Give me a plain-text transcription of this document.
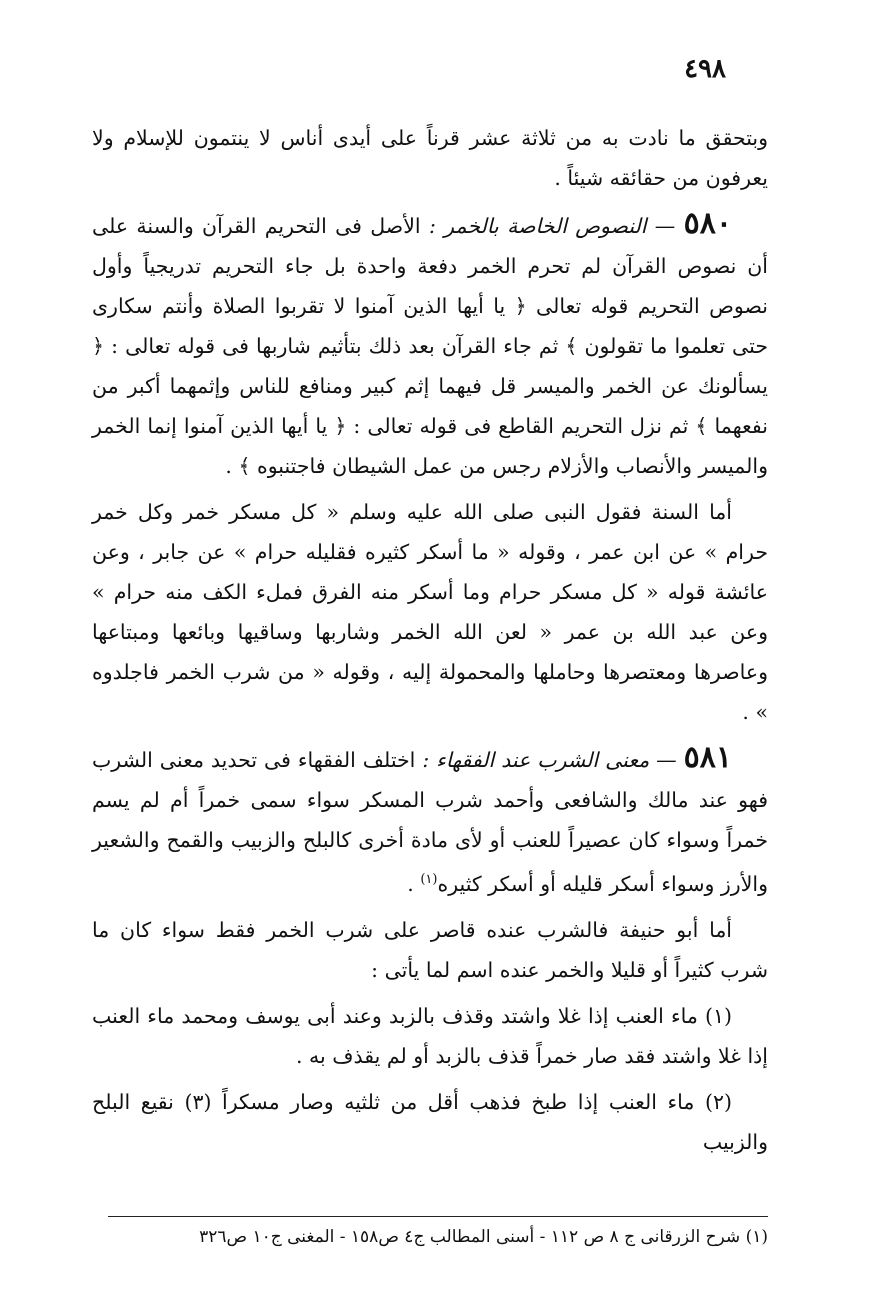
٤٩٨

وبتحقق ما نادت به من ثلاثة عشر قرناً على أيدى أناس لا ينتمون للإسلام ولا يعرفون من حقائقه شيئاً .

٥٨٠ — النصوص الخاصة بالخمر : الأصل فى التحريم القرآن والسنة على أن نصوص القرآن لم تحرم الخمر دفعة واحدة بل جاء التحريم تدريجياً وأول نصوص التحريم قوله تعالى ﴿ يا أيها الذين آمنوا لا تقربوا الصلاة وأنتم سكارى حتى تعلموا ما تقولون ﴾ ثم جاء القرآن بعد ذلك بتأثيم شاربها فى قوله تعالى : ﴿ يسألونك عن الخمر والميسر قل فيهما إثم كبير ومنافع للناس وإثمهما أكبر من نفعهما ﴾ ثم نزل التحريم القاطع فى قوله تعالى : ﴿ يا أيها الذين آمنوا إنما الخمر والميسر والأنصاب والأزلام رجس من عمل الشيطان فاجتنبوه ﴾ .

أما السنة فقول النبى صلى الله عليه وسلم « كل مسكر خمر وكل خمر حرام » عن ابن عمر ، وقوله « ما أسكر كثيره فقليله حرام » عن جابر ، وعن عائشة قوله « كل مسكر حرام وما أسكر منه الفرق فملء الكف منه حرام » وعن عبد الله بن عمر « لعن الله الخمر وشاربها وساقيها وبائعها ومبتاعها وعاصرها ومعتصرها وحاملها والمحمولة إليه ، وقوله « من شرب الخمر فاجلدوه » .

٥٨١ — معنى الشرب عند الفقهاء : اختلف الفقهاء فى تحديد معنى الشرب فهو عند مالك والشافعى وأحمد شرب المسكر سواء سمى خمراً أم لم يسم خمراً وسواء كان عصيراً للعنب أو لأى مادة أخرى كالبلح والزبيب والقمح والشعير والأرز وسواء أسكر قليله أو أسكر كثيره$^{(١)}$ .

أما أبو حنيفة فالشرب عنده قاصر على شرب الخمر فقط سواء كان ما شرب كثيراً أو قليلا والخمر عنده اسم لما يأتى :

(١) ماء العنب إذا غلا واشتد وقذف بالزبد وعند أبى يوسف ومحمد ماء العنب إذا غلا واشتد فقد صار خمراً قذف بالزبد أو لم يقذف به .

(٢) ماء العنب إذا طبخ فذهب أقل من ثلثيه وصار مسكراً (٣) نقيع البلح والزبيب

(١) شرح الزرقانى ج ٨ ص ١١٢ - أسنى المطالب ج٤ ص١٥٨ - المغنى ج١٠ ص٣٢٦
